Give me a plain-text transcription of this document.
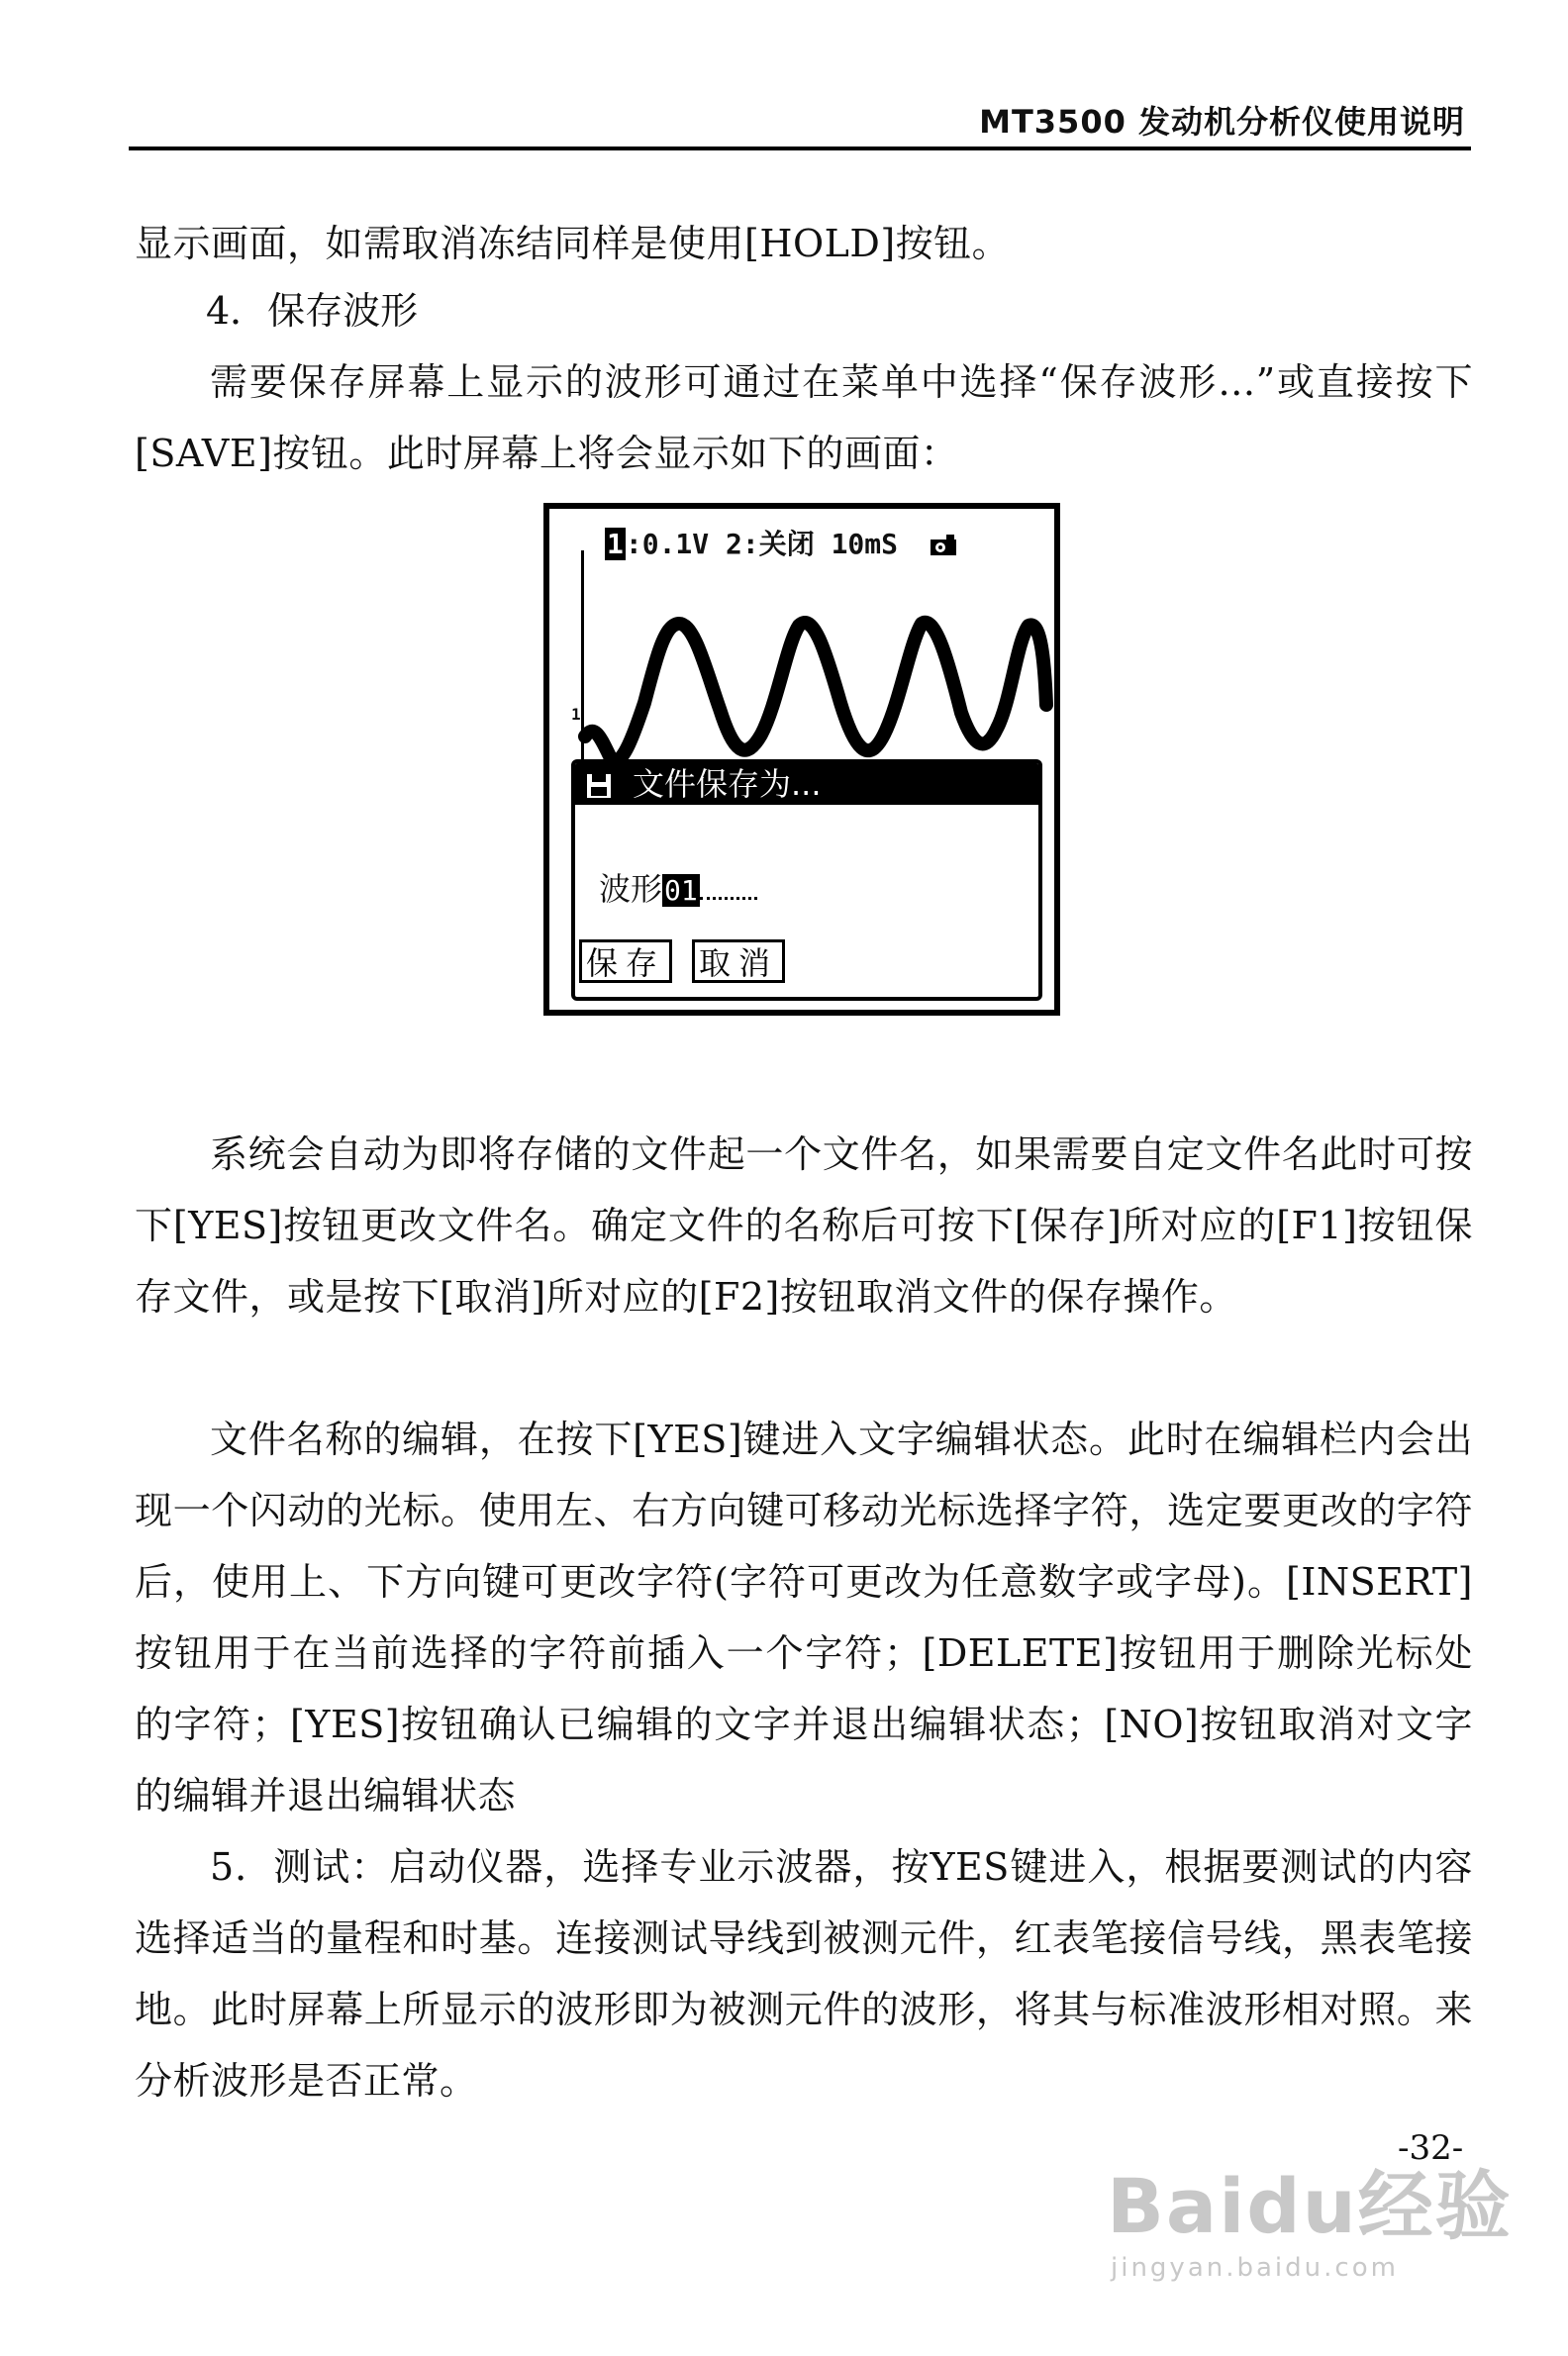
MT3500 发动机分析仪使用说明

显示画面，如需取消冻结同样是使用[HOLD]按钮。

4．保存波形

需要保存屏幕上显示的波形可通过在菜单中选择“保存波形…”或直接按下[SAVE]按钮。此时屏幕上将会显示如下的画面：

1:0.1V 2:关闭 10mS
1
文件保存为...
波形01
保存 取消

系统会自动为即将存储的文件起一个文件名，如果需要自定文件名此时可按下[YES]按钮更改文件名。确定文件的名称后可按下[保存]所对应的[F1]按钮保存文件，或是按下[取消]所对应的[F2]按钮取消文件的保存操作。

文件名称的编辑，在按下[YES]键进入文字编辑状态。此时在编辑栏内会出现一个闪动的光标。使用左、右方向键可移动光标选择字符，选定要更改的字符后，使用上、下方向键可更改字符(字符可更改为任意数字或字母)。[INSERT]按钮用于在当前选择的字符前插入一个字符；[DELETE]按钮用于删除光标处的字符；[YES]按钮确认已编辑的文字并退出编辑状态；[NO]按钮取消对文字的编辑并退出编辑状态

5．测试：启动仪器，选择专业示波器，按YES键进入，根据要测试的内容选择适当的量程和时基。连接测试导线到被测元件，红表笔接信号线，黑表笔接地。此时屏幕上所显示的波形即为被测元件的波形，将其与标准波形相对照。来分析波形是否正常。

Baidu经验
jingyan.baidu.com
-32-
